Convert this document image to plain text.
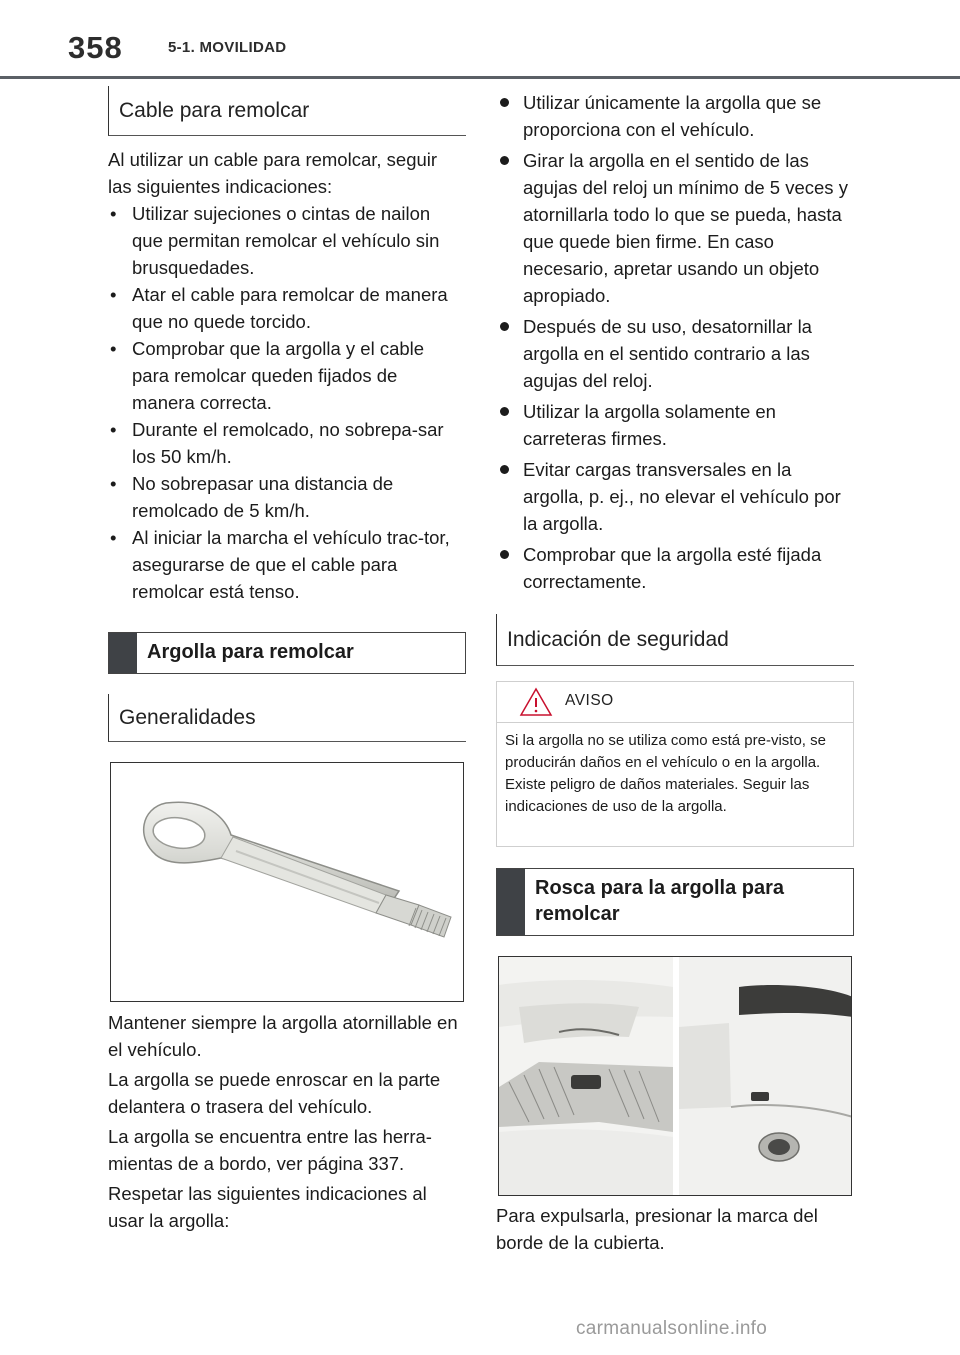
358	5-1. MOVILIDAD
Cable para remolcar

Al utilizar un cable para remolcar, seguir las siguientes indicaciones:

• Utilizar sujeciones o cintas de nailon que permitan remolcar el vehículo sin brusquedades.
• Atar el cable para remolcar de manera que no quede torcido.
• Comprobar que la argolla y el cable para remolcar queden fijados de manera correcta.
• Durante el remolcado, no sobrepa-sar los 50 km/h.
• No sobrepasar una distancia de remolcado de 5 km/h.
• Al iniciar la marcha el vehículo trac-tor, asegurarse de que el cable para remolcar está tenso.
Argolla para remolcar
Generalidades

Mantener siempre la argolla atornillable en el vehículo.

La argolla se puede enroscar en la parte delantera o trasera del vehículo.

La argolla se encuentra entre las herra-mientas de a bordo, ver página 337.

Respetar las siguientes indicaciones al usar la argolla:

Utilizar únicamente la argolla que se proporciona con el vehículo.
Girar la argolla en el sentido de las agujas del reloj un mínimo de 5 veces y atornillarla todo lo que se pueda, hasta que quede bien firme. En caso necesario, apretar usando un objeto apropiado.
Después de su uso, desatornillar la argolla en el sentido contrario a las agujas del reloj.
Utilizar la argolla solamente en carreteras firmes.
Evitar cargas transversales en la argolla, p. ej., no elevar el vehículo por la argolla.
Comprobar que la argolla esté fijada correctamente.
Indicación de seguridad
AVISO

Si la argolla no se utiliza como está pre-visto, se producirán daños en el vehículo o en la argolla. Existe peligro de daños materiales. Seguir las indicaciones de uso de la argolla.

Rosca para la argolla para remolcar

Para expulsarla, presionar la marca del borde de la cubierta.

carmanualsonline.info
